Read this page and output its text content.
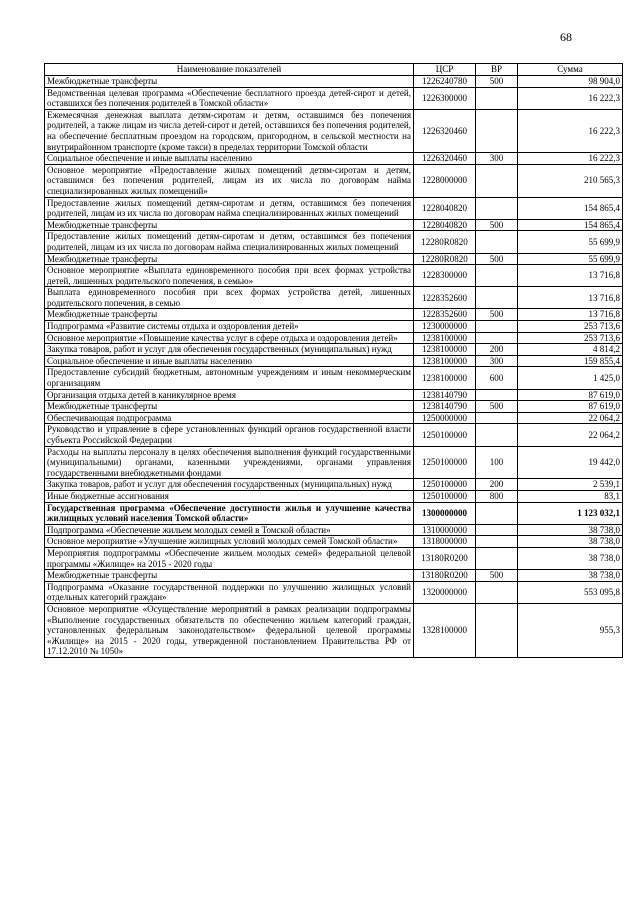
68
Наименование показателей	ЦСР	ВР	Сумма
Межбюджетные трансферты	1226240780	500	98 904,0
Ведомственная целевая программа «Обеспечение бесплатного проезда детей-сирот и детей, оставшихся без попечения родителей в Томской области»	1226300000		16 222,3
Ежемесячная денежная выплата детям-сиротам и детям, оставшимся без попечения родителей, а также лицам из числа детей-сирот и детей, оставшихся без попечения родителей, на обеспечение бесплатным проездом на городском, пригородном, в сельской местности на внутрирайонном транспорте (кроме такси) в пределах территории Томской области	1226320460		16 222,3
Социальное обеспечение и иные выплаты населению	1226320460	300	16 222,3
Основное мероприятие «Предоставление жилых помещений детям-сиротам и детям, оставшимся без попечения родителей, лицам из их числа по договорам найма специализированных жилых помещений»	1228000000		210 565,3
Предоставление жилых помещений детям-сиротам и детям, оставшимся без попечения родителей, лицам из их числа по договорам найма специализированных жилых помещений	1228040820		154 865,4
Межбюджетные трансферты	1228040820	500	154 865,4
Предоставление жилых помещений детям-сиротам и детям, оставшимся без попечения родителей, лицам из их числа по договорам найма специализированных жилых помещений	12280R0820		55 699,9
Межбюджетные трансферты	12280R0820	500	55 699,9
Основное мероприятие «Выплата единовременного пособия при всех формах устройства детей, лишенных родительского попечения, в семью»	1228300000		13 716,8
Выплата единовременного пособия при всех формах устройства детей, лишенных родительского попечения, в семью	1228352600		13 716,8
Межбюджетные трансферты	1228352600	500	13 716,8
Подпрограмма «Развитие системы отдыха и оздоровления детей»	1230000000		253 713,6
Основное мероприятие «Повышение качества услуг в сфере отдыха и оздоровления детей»	1238100000		253 713,6
Закупка товаров, работ и услуг для обеспечения государственных (муниципальных) нужд	1238100000	200	4 814,2
Социальное обеспечение и иные выплаты населению	1238100000	300	159 855,4
Предоставление субсидий бюджетным, автономным учреждениям и иным некоммерческим организациям	1238100000	600	1 425,0
Организация отдыха детей в каникулярное время	1238140790		87 619,0
Межбюджетные трансферты	1238140790	500	87 619,0
Обеспечивающая подпрограмма	1250000000		22 064,2
Руководство и управление в сфере установленных функций органов государственной власти субъекта Российской Федерации	1250100000		22 064,2
Расходы на выплаты персоналу в целях обеспечения выполнения функций государственными (муниципальными) органами, казенными учреждениями, органами управления государственными внебюджетными фондами	1250100000	100	19 442,0
Закупка товаров, работ и услуг для обеспечения государственных (муниципальных) нужд	1250100000	200	2 539,1
Иные бюджетные ассигнования	1250100000	800	83,1
Государственная программа «Обеспечение доступности жилья и улучшение качества жилищных условий населения Томской области»	1300000000		1 123 032,1
Подпрограмма «Обеспечение жильем молодых семей в Томской области»	1310000000		38 738,0
Основное мероприятие «Улучшение жилищных условий молодых семей Томской области»	1318000000		38 738,0
Мероприятия подпрограммы «Обеспечение жильем молодых семей» федеральной целевой программы «Жилище» на 2015 - 2020 годы	13180R0200		38 738,0
Межбюджетные трансферты	13180R0200	500	38 738,0
Подпрограмма «Оказание государственной поддержки по улучшению жилищных условий отдельных категорий граждан»	1320000000		553 095,8
Основное мероприятие «Осуществление мероприятий в рамках реализации подпрограммы «Выполнение государственных обязательств по обеспечению жильем категорий граждан, установленных федеральным законодательством» федеральной целевой программы «Жилище» на 2015 - 2020 годы, утвержденной постановлением Правительства РФ от 17.12.2010 № 1050»	1328100000		955,3
